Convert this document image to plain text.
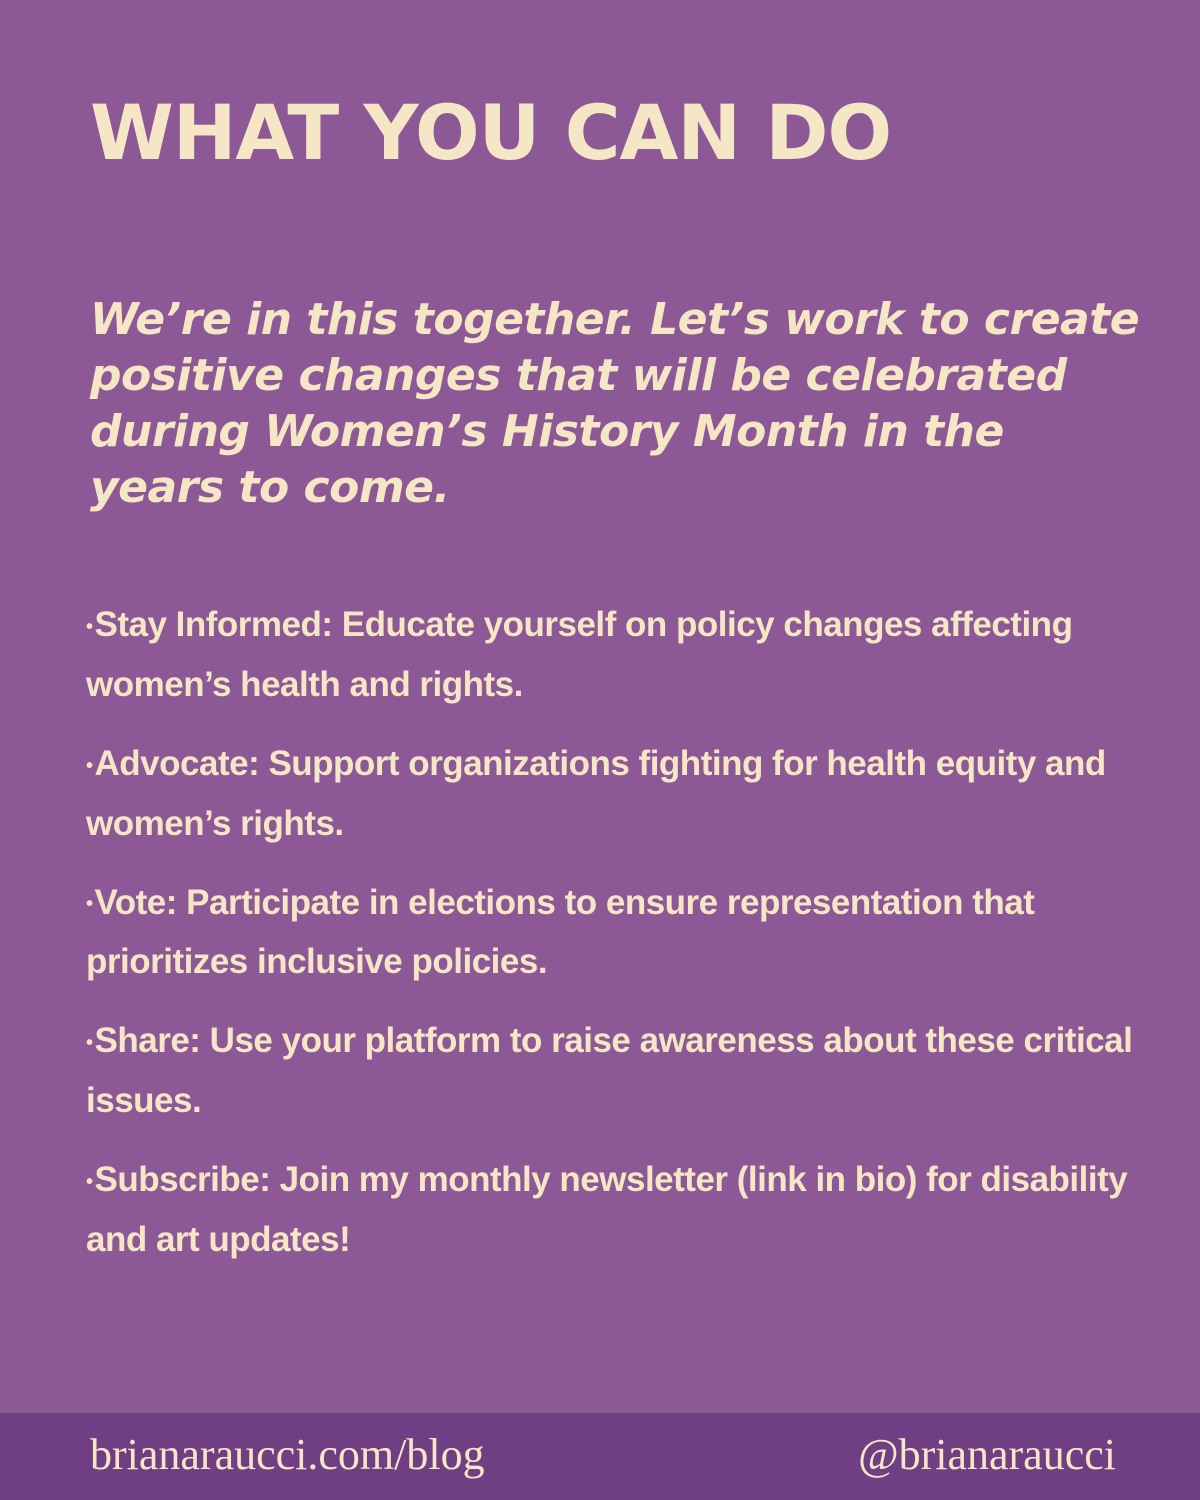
WHAT YOU CAN DO

We’re in this together. Let’s work to create positive changes that will be celebrated during Women’s History Month in the years to come.

•Stay Informed: Educate yourself on policy changes affecting women’s health and rights.
•Advocate: Support organizations fighting for health equity and women’s rights.
•Vote: Participate in elections to ensure representation that prioritizes inclusive policies.
•Share: Use your platform to raise awareness about these critical issues.
•Subscribe: Join my monthly newsletter (link in bio) for disability and art updates!
brianaraucci.com/blog	@brianaraucci
